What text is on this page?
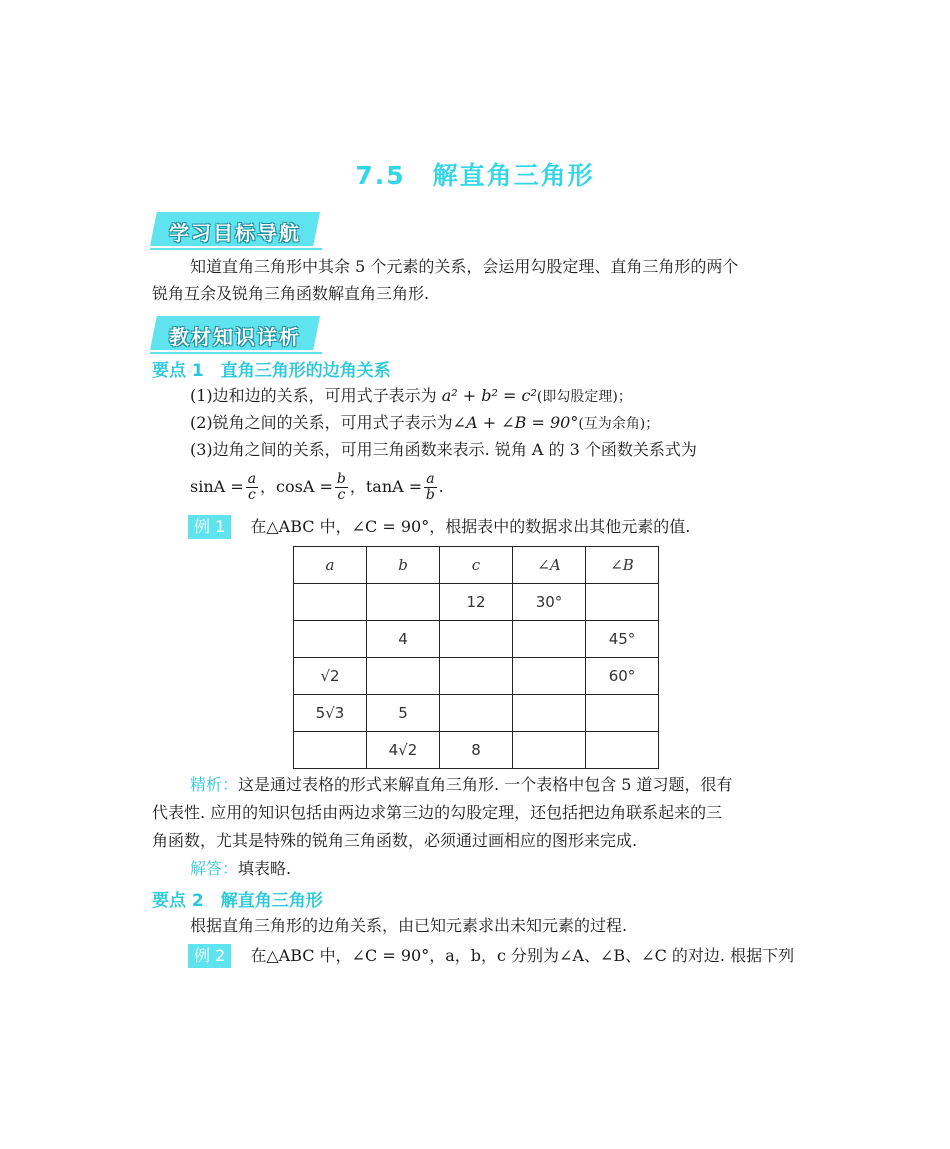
7.5　解直角三角形
学习目标导航
知道直角三角形中其余 5 个元素的关系，会运用勾股定理、直角三角形的两个
锐角互余及锐角三角函数解直角三角形.
教材知识详析
要点 1　直角三角形的边角关系
(1)边和边的关系，可用式子表示为 a² + b² = c²(即勾股定理)；
(2)锐角之间的关系，可用式子表示为∠A + ∠B = 90°(互为余角)；
(3)边角之间的关系，可用三角函数来表示. 锐角 A 的 3 个函数关系式为
$\sin A = \frac{a}{c}$ ，$\cos A = \frac{b}{c}$ ，$\tan A = \frac{a}{b}$ .
例 1 在△ABC 中，∠C = 90°，根据表中的数据求出其他元素的值.
a	b	c	∠A	∠B
		12	30°	
	4			45°
√2				60°
5√3	5			
	4√2	8		
精析：这是通过表格的形式来解直角三角形. 一个表格中包含 5 道习题，很有
代表性. 应用的知识包括由两边求第三边的勾股定理，还包括把边角联系起来的三
角函数，尤其是特殊的锐角三角函数，必须通过画相应的图形来完成.
解答：填表略.
要点 2　解直角三角形
根据直角三角形的边角关系，由已知元素求出未知元素的过程.
例 2 在△ABC 中，∠C = 90°，a，b，c 分别为∠A、∠B、∠C 的对边. 根据下列
